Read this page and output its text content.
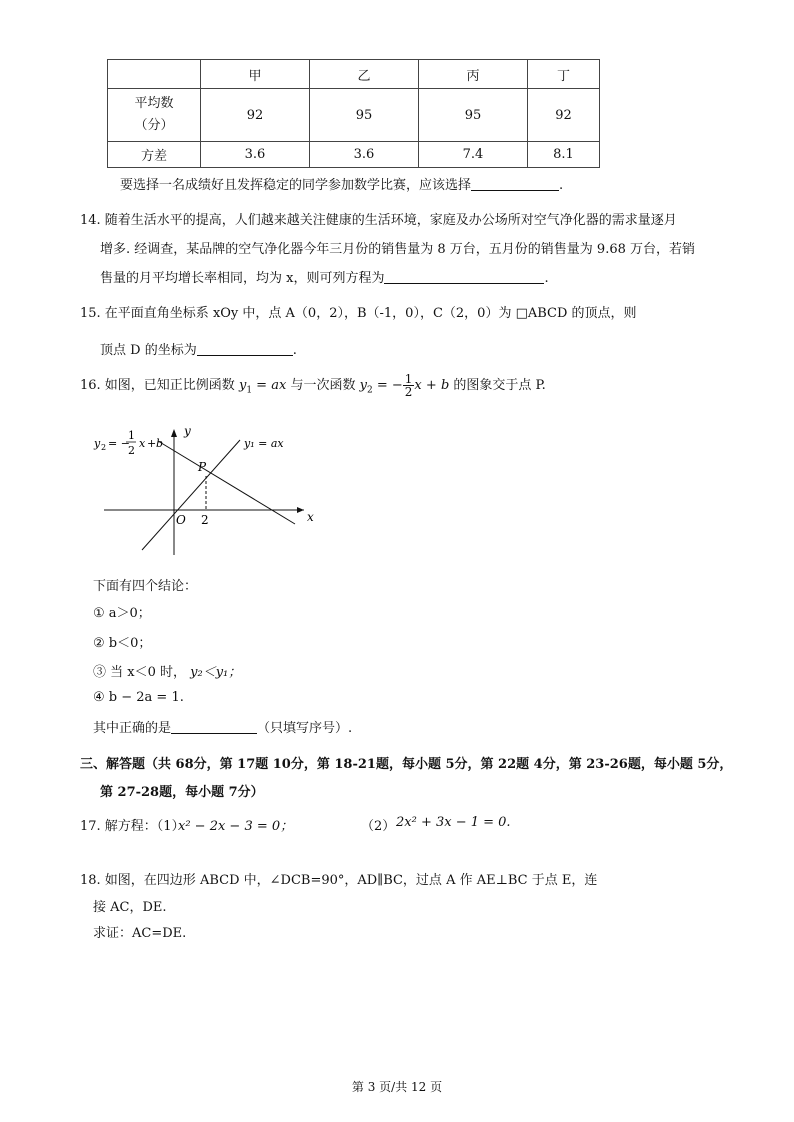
	甲	乙	丙	丁

平均数
（分）	92	95	95	92
方差	3.6	3.6	7.4	8.1
要选择一名成绩好且发挥稳定的同学参加数学比赛，应该选择	.
14. 随着生活水平的提高，人们越来越关注健康的生活环境，家庭及办公场所对空气净化器的需求量逐月
增多. 经调查，某品牌的空气净化器今年三月份的销售量为 8 万台，五月份的销售量为 9.68 万台，若销
售量的月平均增长率相同，均为 x，则可列方程为	.
15. 在平面直角坐标系 xOy 中，点 A（0，2），B（-1，0），C（2，0）为 □ABCD 的顶点，则
顶点 D 的坐标为	.
16. 如图，已知正比例函数 $y_1$ = ax 与一次函数 $y_2$ = − $\frac{1}{2}$ x + b 的图象交于点 P.
y
x
O 2
P
y₁ = ax
y 2 = −
1
2
x + b
下面有四个结论：
① a＞0；
② b＜0；
③ 当 x＜0 时， y₂＜y₁；
④ b − 2a = 1.
其中正确的是	（只填写序号）.
三、解答题（共 68分，第 17题 10分，第 18-21题，每小题 5分，第 22题 4分，第 23-26题，每小题 5分，
第 27-28题，每小题 7分）
17. 解方程：（1）
x² − 2x − 3 = 0；	（2） 2x² + 3x − 1 = 0.
18. 如图，在四边形 ABCD 中，∠DCB=90°，AD∥BC，过点 A 作 AE⊥BC 于点 E，连
接 AC，DE.
求证：AC=DE.
第 3 页/共 12 页
